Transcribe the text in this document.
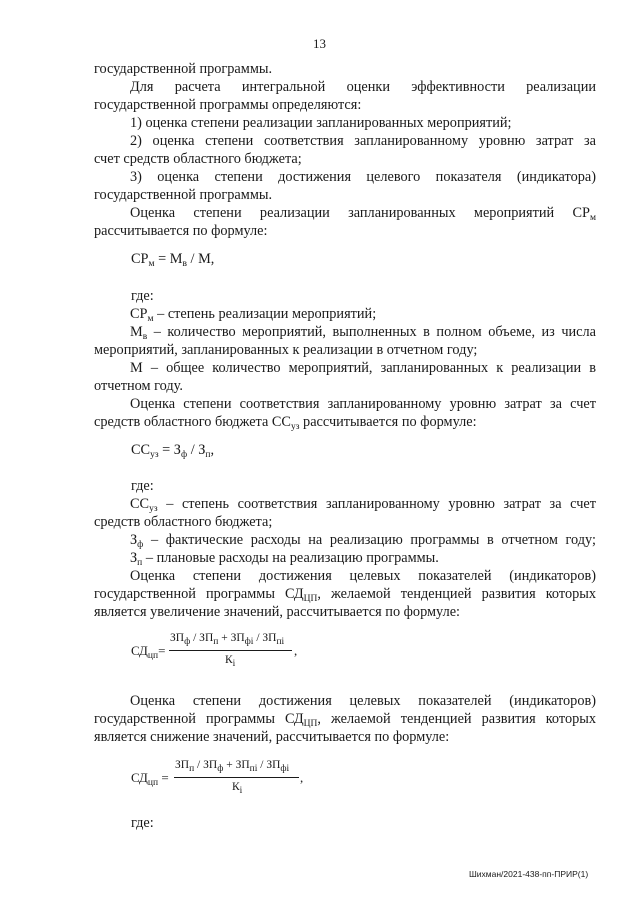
13
государственной программы.
Для расчета интегральной оценки эффективности реализации
государственной программы определяются:
1) оценка степени реализации запланированных мероприятий;
2) оценка степени соответствия запланированному уровню затрат за
счет средств областного бюджета;
3) оценка степени достижения целевого показателя (индикатора)
государственной программы.
Оценка степени реализации запланированных мероприятий $СР_м$
рассчитывается по формуле:
$СР_м = М_в / М$,
где:
$СР_м$ – степень реализации мероприятий;
$М_в$ – количество мероприятий, выполненных в полном объеме, из числа
мероприятий, запланированных к реализации в отчетном году;
М – общее количество мероприятий, запланированных к реализации в
отчетном году.
Оценка степени соответствия запланированному уровню затрат за счет
средств областного бюджета $СС_{уз}$ рассчитывается по формуле:
$СС_{уз} = З_ф / З_п$,
где:
$СС_{уз}$ – степень соответствия запланированному уровню затрат за счет
средств областного бюджета;
$З_ф$ – фактические расходы на реализацию программы в отчетном году;
$З_п$ – плановые расходы на реализацию программы.
Оценка степени достижения целевых показателей (индикаторов)
государственной программы $СД_{ЦП}$, желаемой тенденцией развития которых
является увеличение значений, рассчитывается по формуле:
$СД_{цп}=$
$ЗП_ф / ЗП_п + ЗП_{фi} / ЗП_{пi}$
$К_i$
,
Оценка степени достижения целевых показателей (индикаторов)
государственной программы $СД_{ЦП}$, желаемой тенденцией развития которых
является снижение значений, рассчитывается по формуле:
$СД_{цп}$ =
$ЗП_п / ЗП_ф + ЗП_{пi} / ЗП_{фi}$
$К_i$
,
где:
Шихман/2021-438-пп-ПРИР(1)
